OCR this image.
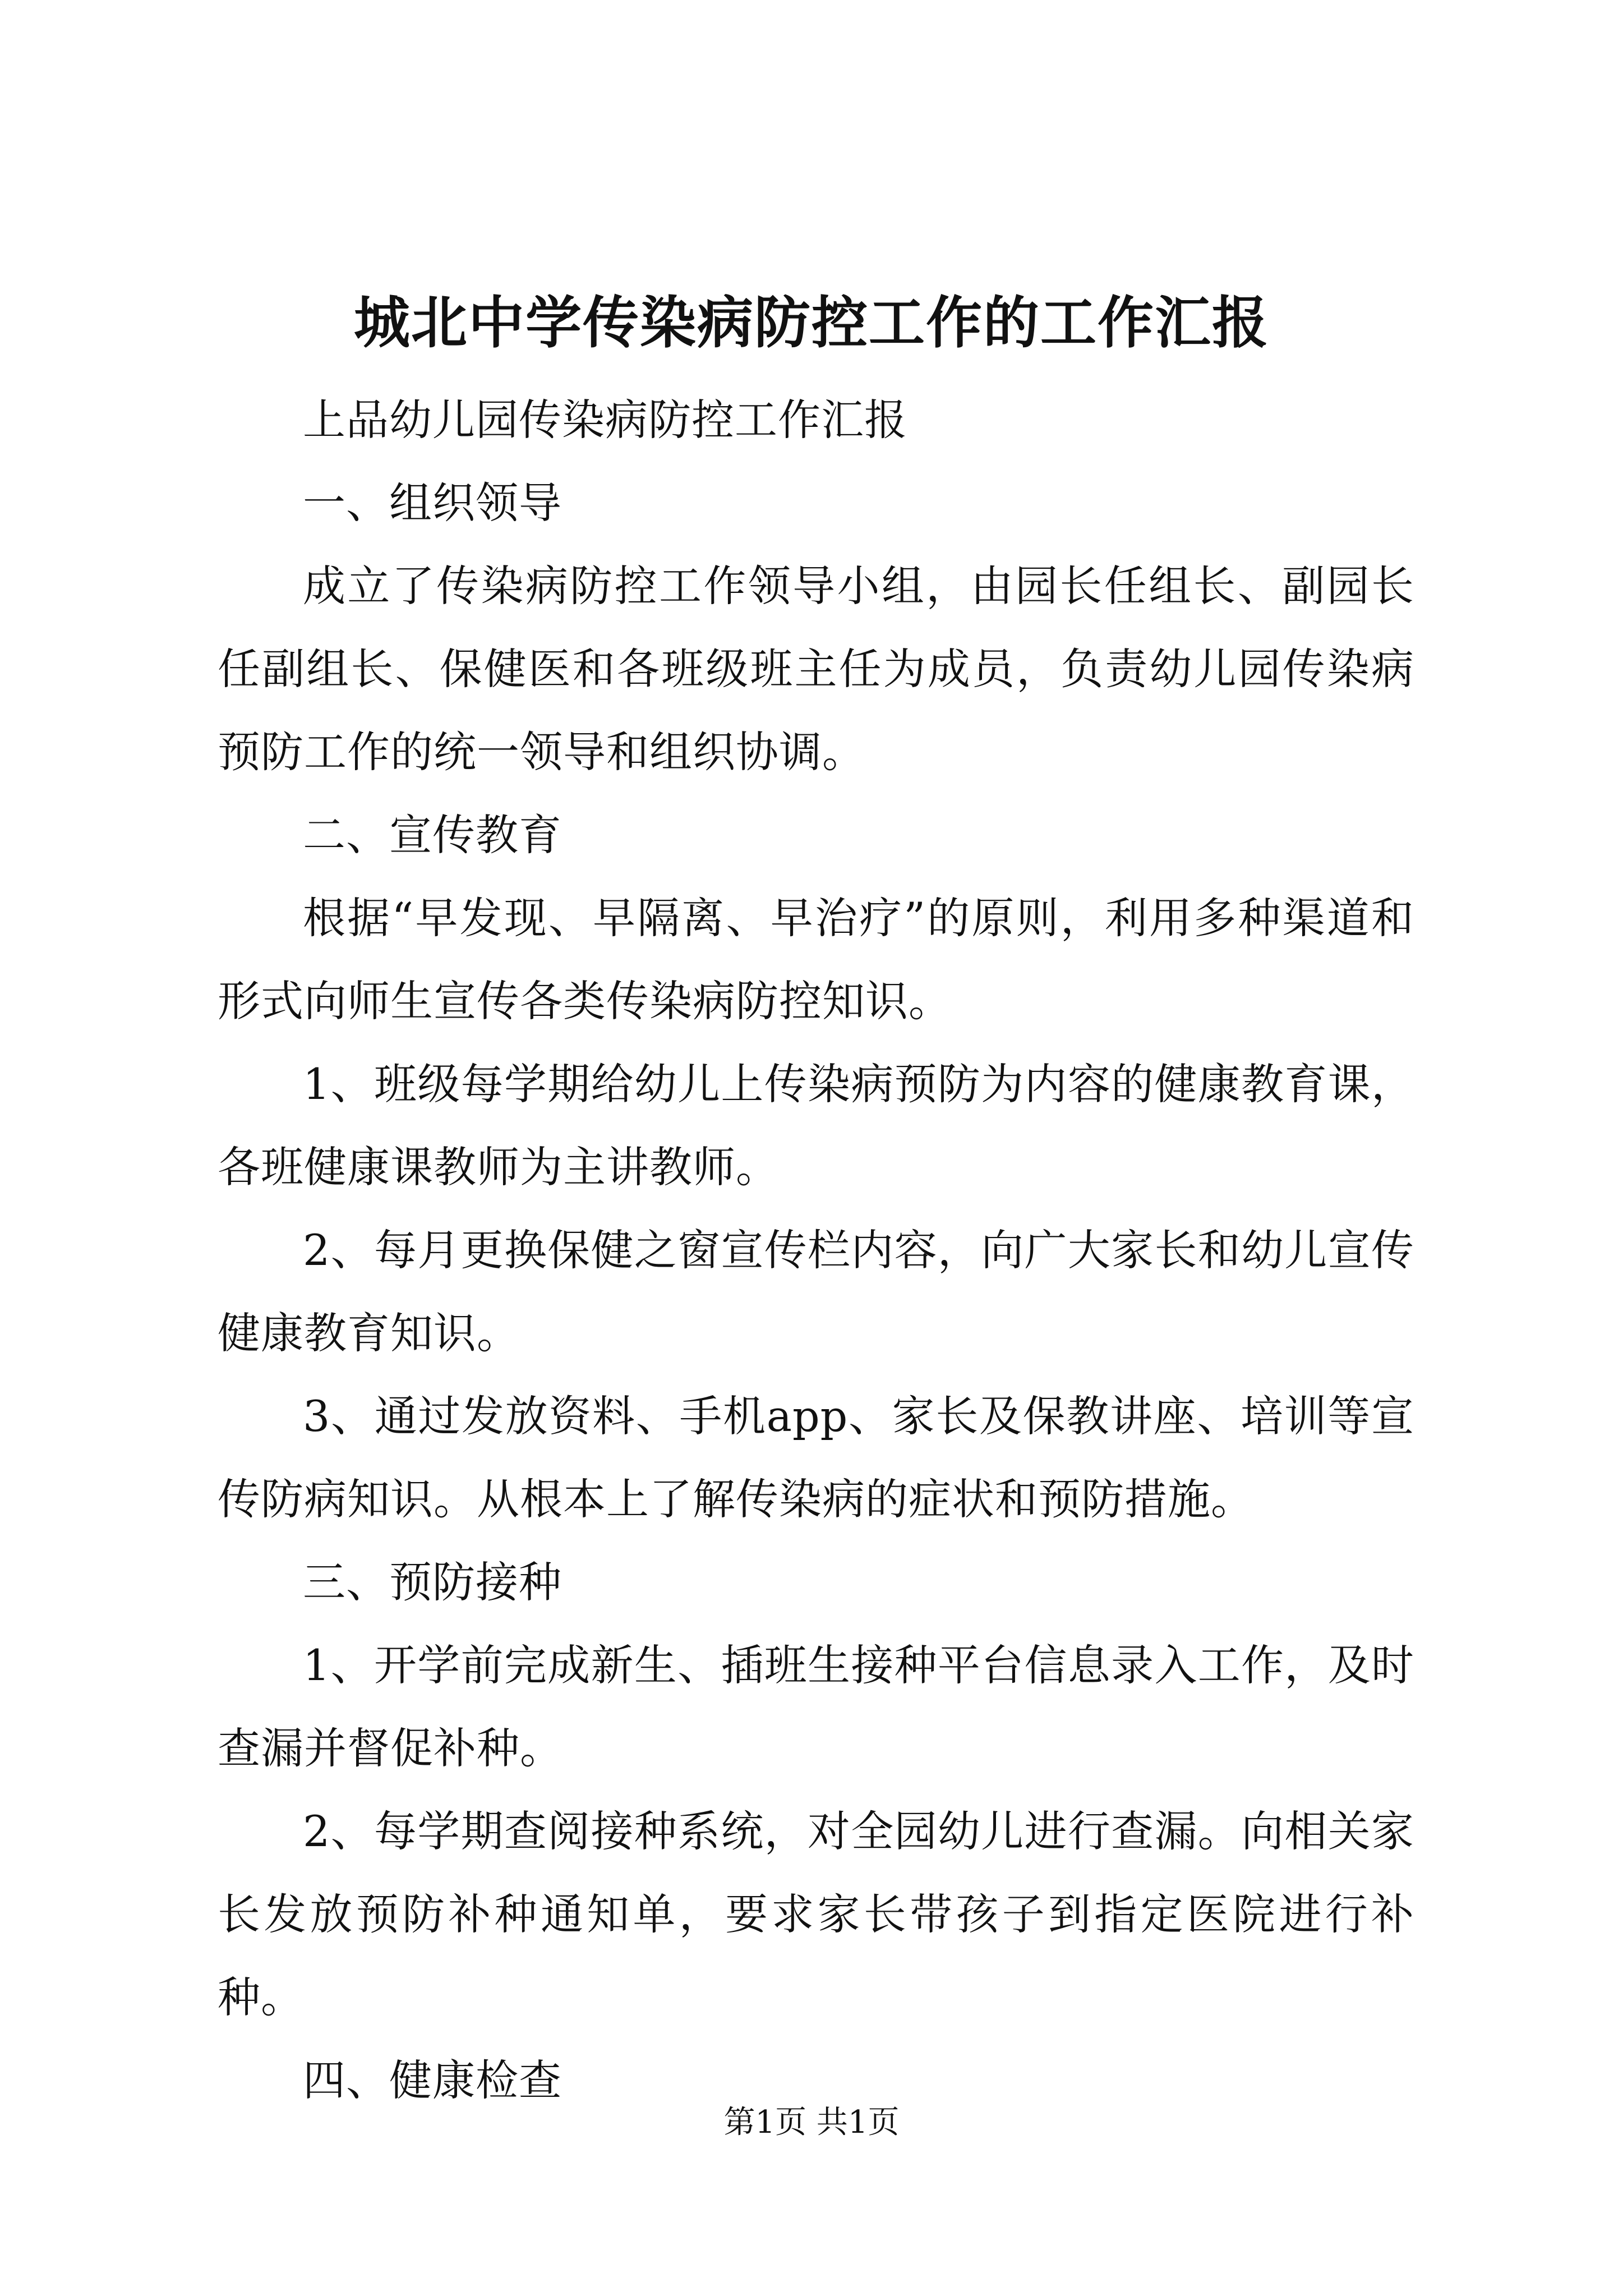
城北中学传染病防控工作的工作汇报

上品幼儿园传染病防控工作汇报

一、组织领导

成立了传染病防控工作领导小组，由园长任组长、副园长任副组长、保健医和各班级班主任为成员，负责幼儿园传染病预防工作的统一领导和组织协调。

二、宣传教育

根据“早发现、早隔离、早治疗”的原则，利用多种渠道和形式向师生宣传各类传染病防控知识。

1、班级每学期给幼儿上传染病预防为内容的健康教育课，各班健康课教师为主讲教师。

2、每月更换保健之窗宣传栏内容，向广大家长和幼儿宣传健康教育知识。

3、通过发放资料、手机app、家长及保教讲座、培训等宣传防病知识。从根本上了解传染病的症状和预防措施。

三、预防接种

1、开学前完成新生、插班生接种平台信息录入工作，及时查漏并督促补种。

2、每学期查阅接种系统，对全园幼儿进行查漏。向相关家长发放预防补种通知单，要求家长带孩子到指定医院进行补种。

四、健康检查

第1页 共1页
